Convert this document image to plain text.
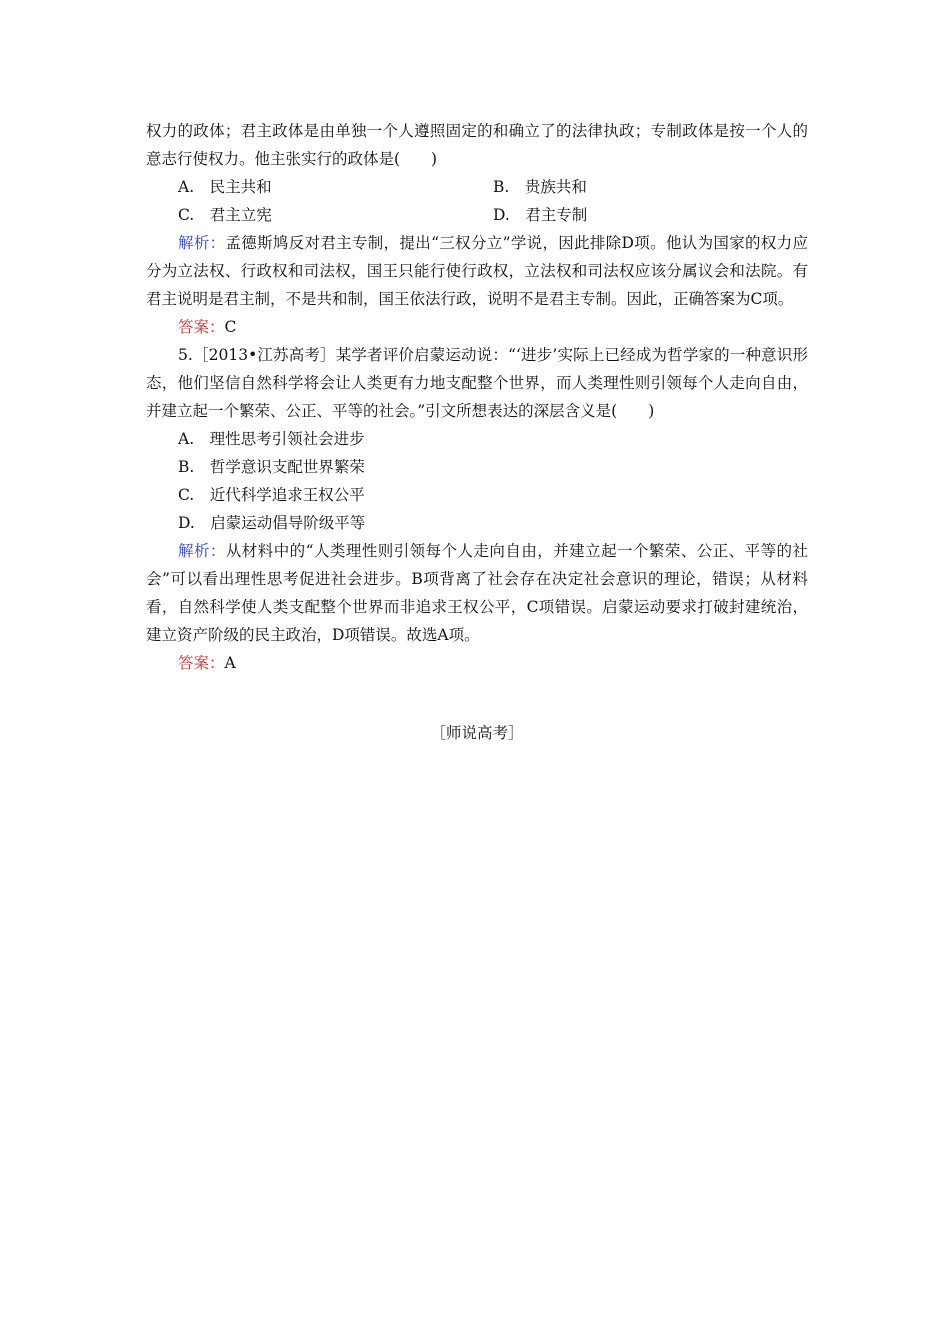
权力的政体；君主政体是由单独一个人遵照固定的和确立了的法律执政；专制政体是按一个人的意志行使权力。他主张实行的政体是(　　)

A.　民主共和	B.　贵族共和
C.　君主立宪	D.　君主专制

解析：孟德斯鸠反对君主专制，提出“三权分立”学说，因此排除D项。他认为国家的权力应分为立法权、行政权和司法权，国王只能行使行政权，立法权和司法权应该分属议会和法院。有君主说明是君主制，不是共和制，国王依法行政，说明不是君主专制。因此，正确答案为C项。

答案：C

5.［2013•江苏高考］某学者评价启蒙运动说：“‘进步’实际上已经成为哲学家的一种意识形态，他们坚信自然科学将会让人类更有力地支配整个世界，而人类理性则引领每个人走向自由，并建立起一个繁荣、公正、平等的社会。”引文所想表达的深层含义是(　　)

A.　理性思考引领社会进步

B.　哲学意识支配世界繁荣

C.　近代科学追求王权公平

D.　启蒙运动倡导阶级平等

解析：从材料中的“人类理性则引领每个人走向自由，并建立起一个繁荣、公正、平等的社会”可以看出理性思考促进社会进步。B项背离了社会存在决定社会意识的理论，错误；从材料看，自然科学使人类支配整个世界而非追求王权公平，C项错误。启蒙运动要求打破封建统治，建立资产阶级的民主政治，D项错误。故选A项。

答案：A

［师说高考］
